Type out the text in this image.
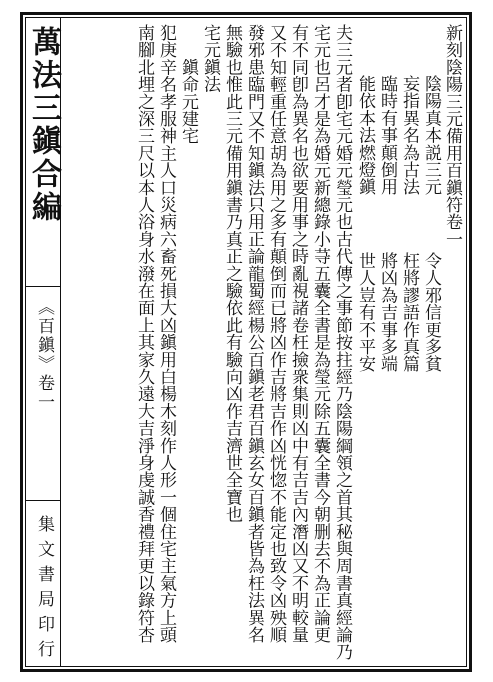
萬法三鎭合編
《百鎭》卷一
集文書局印行
新刻陰陽三元備用百鎭符卷一
陰陽真本説三元
令人邪信更多貧
妄指異名為古法
枉將謬語作真篇
臨時有事顛倒用
將凶為吉事多端
能依本法燃燈鎭
世人豈有不平安
夫三元者卽宅元婚元瑩元也古代傳之事節按拄經乃陰陽綱領之首其秘與周書真經論乃
宅元也呂才是為婚元新總錄小䒭五囊全書是為瑩元除五囊全書今朝删去不為正論更
有不同卽為異名也欲要用事之時亂視諸卷枉撿衆集則凶中有吉吉內潛凶又不明較量
又不知輕重任意胡為用之多有顛倒而已將凶作吉將吉作凶恍惚不能定也致令凶殃順
發邪患臨門又不知鎭法只用正論龍蜀經楊公百鎭老君百鎭玄女百鎭者皆為枉法異名
無驗也惟此三元備用鎭書乃真正之驗依此有驗向凶作吉濟世全寶也
宅元鎭法
　　鎭命元建宅
犯庚辛名孝服神主人口災病六畜死損大凶鎭用白楊木刻作人形一個住宅主氣方上頭
南腳北埋之深三尺以本人浴身水潑在面上其家久遠大吉淨身虔誠香禮拜更以錄符杏
